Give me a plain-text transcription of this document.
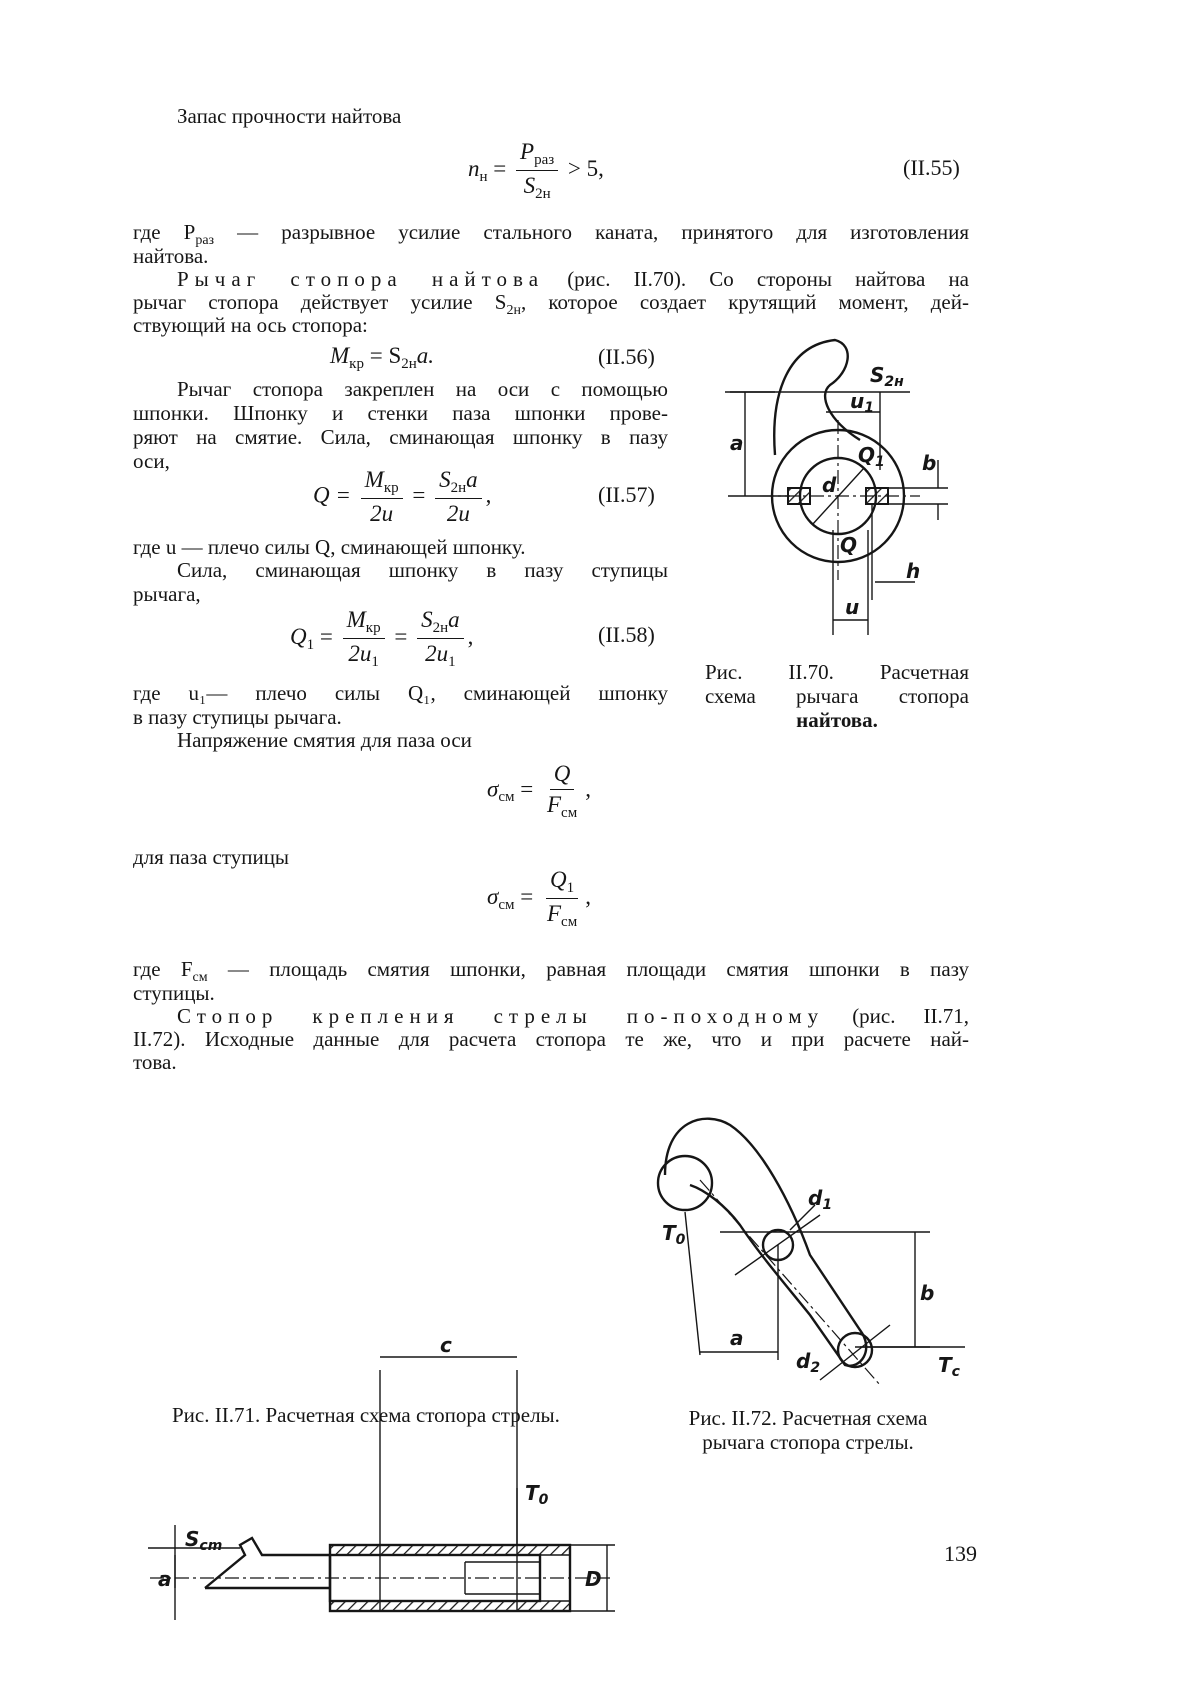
Запас прочности найтова
$n_н = \frac{P_{раз}}{S_{2н}} > 5$,	(II.55)
где $P_{раз}$ — разрывное усилие стального каната, принятого для изготовления
найтова.
Рычаг стопора найтова (рис. II.70). Со стороны найтова на
рычаг стопора действует усилие $S_{2н}$, которое создает крутящий момент, дей-
ствующий на ось стопора:
$M_{кр} = S_{2н}a$.	(II.56)
Рычаг стопора закреплен на оси с помощью
шпонки. Шпонку и стенки паза шпонки прове-
ряют на смятие. Сила, сминающая шпонку в пазу
оси,
$Q = \frac{M_{кр}}{2u} = \frac{S_{2н}a}{2u}$ ,	(II.57)
где u — плечо силы Q, сминающей шпонку.
Сила, сминающая шпонку в пазу ступицы
рычага,
$Q_1 = \frac{M_{кр}}{2u_1} = \frac{S_{2н}a}{2u_1}$ ,	(II.58)
где u₁— плечо силы Q₁, сминающей шпонку
в пазу ступицы рычага.
Напряжение смятия для паза оси
$\sigma_{см} = \frac{Q}{F_{см}}$ ,
для паза ступицы
$\sigma_{см} = \frac{Q_1}{F_{см}}$ ,
где $F_{см}$ — площадь смятия шпонки, равная площади смятия шпонки в пазу
ступицы.
Стопор крепления стрелы по-походному (рис. II.71,
II.72). Исходные данные для расчета стопора те же, что и при расчете най-
това.
Рис. II.70. Расчетная
схема рычага стопора
найтова.
Рис. II.71. Расчетная схема стопора стрелы.	Рис. II.72. Расчетная схема
рычага стопора стрелы.
139
$S_{2н}$
$u_1$
a	$Q_1$ b
d
Q
h
u
$S_{cm}$
a
$T_0$
D
c
$T_0$
$d_1$
b
a
$d_2$	$T_c$
